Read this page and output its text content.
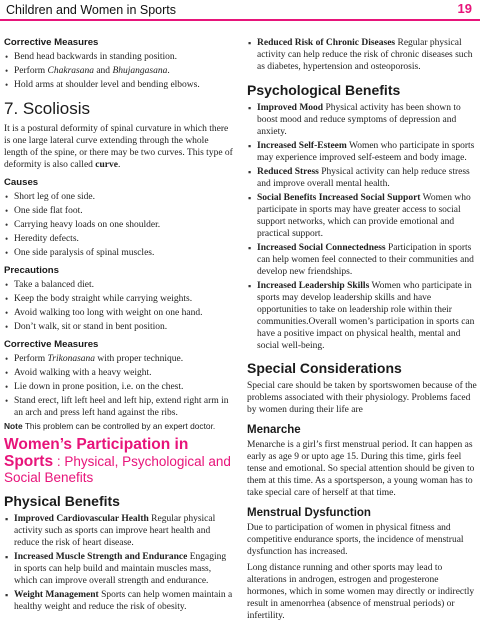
Children and Women in Sports	19
Corrective Measures
• Bend head backwards in standing position.
• Perform Chakrasana and Bhujangasana.
• Hold arms at shoulder level and bending elbows.
7. Scoliosis

It is a postural deformity of spinal curvature in which there is one large lateral curve extending through the whole length of the spine, or there may be two curves. This type of deformity is also called curve.

Causes
• Short leg of one side.
• One side flat foot.
• Carrying heavy loads on one shoulder.
• Heredity defects.
• One side paralysis of spinal muscles.
Precautions
• Take a balanced diet.
• Keep the body straight while carrying weights.
• Avoid walking too long with weight on one hand.
• Don’t walk, sit or stand in bent position.
Corrective Measures
• Perform Trikonasana with proper technique.
• Avoid walking with a heavy weight.
• Lie down in prone position, i.e. on the chest.
• Stand erect, lift left heel and left hip, extend right arm in an arch and press left hand against the ribs.

Note This problem can be controlled by an expert doctor.

Women’s Participation in Sports : Physical, Psychological and Social Benefits
Physical Benefits
▪ Improved Cardiovascular Health Regular physical activity such as sports can improve heart health and reduce the risk of heart disease.
▪ Increased Muscle Strength and Endurance Engaging in sports can help build and maintain muscles mass, which can improve overall strength and endurance.
▪ Weight Management Sports can help women maintain a healthy weight and reduce the risk of obesity.
▪ Reduced Risk of Chronic Diseases Regular physical activity can help reduce the risk of chronic diseases such as diabetes, hypertension and osteoporosis.
Psychological Benefits
▪ Improved Mood Physical activity has been shown to boost mood and reduce symptoms of depression and anxiety.
▪ Increased Self-Esteem Women who participate in sports may experience improved self-esteem and body image.
▪ Reduced Stress Physical activity can help reduce stress and improve overall mental health.
▪ Social Benefits Increased Social Support Women who participate in sports may have greater access to social support networks, which can provide emotional and practical support.
▪ Increased Social Connectedness Participation in sports can help women feel connected to their communities and develop new friendships.
▪ Increased Leadership Skills Women who participate in sports may develop leadership skills and have opportunities to take on leadership role within their communities.Overall women’s participation in sports can have a positive impact on physical health, mental and social well-being.
Special Considerations

Special care should be taken by sportswomen because of the problems associated with their physiology. Problems faced by women during their life are

Menarche

Menarche is a girl’s first menstrual period. It can happen as early as age 9 or upto age 15. During this time, girls feel tense and emotional. So special attention should be given to them at this time. As a sportsperson, a young woman has to take special care of herself at that time.

Menstrual Dysfunction

Due to participation of women in physical fitness and competitive endurance sports, the incidence of menstrual dysfunction has increased.

Long distance running and other sports may lead to alterations in androgen, estrogen and progesterone hormones, which in some women may directly or indirectly result in amenorrhea (absence of menstrual periods) or infertility.
